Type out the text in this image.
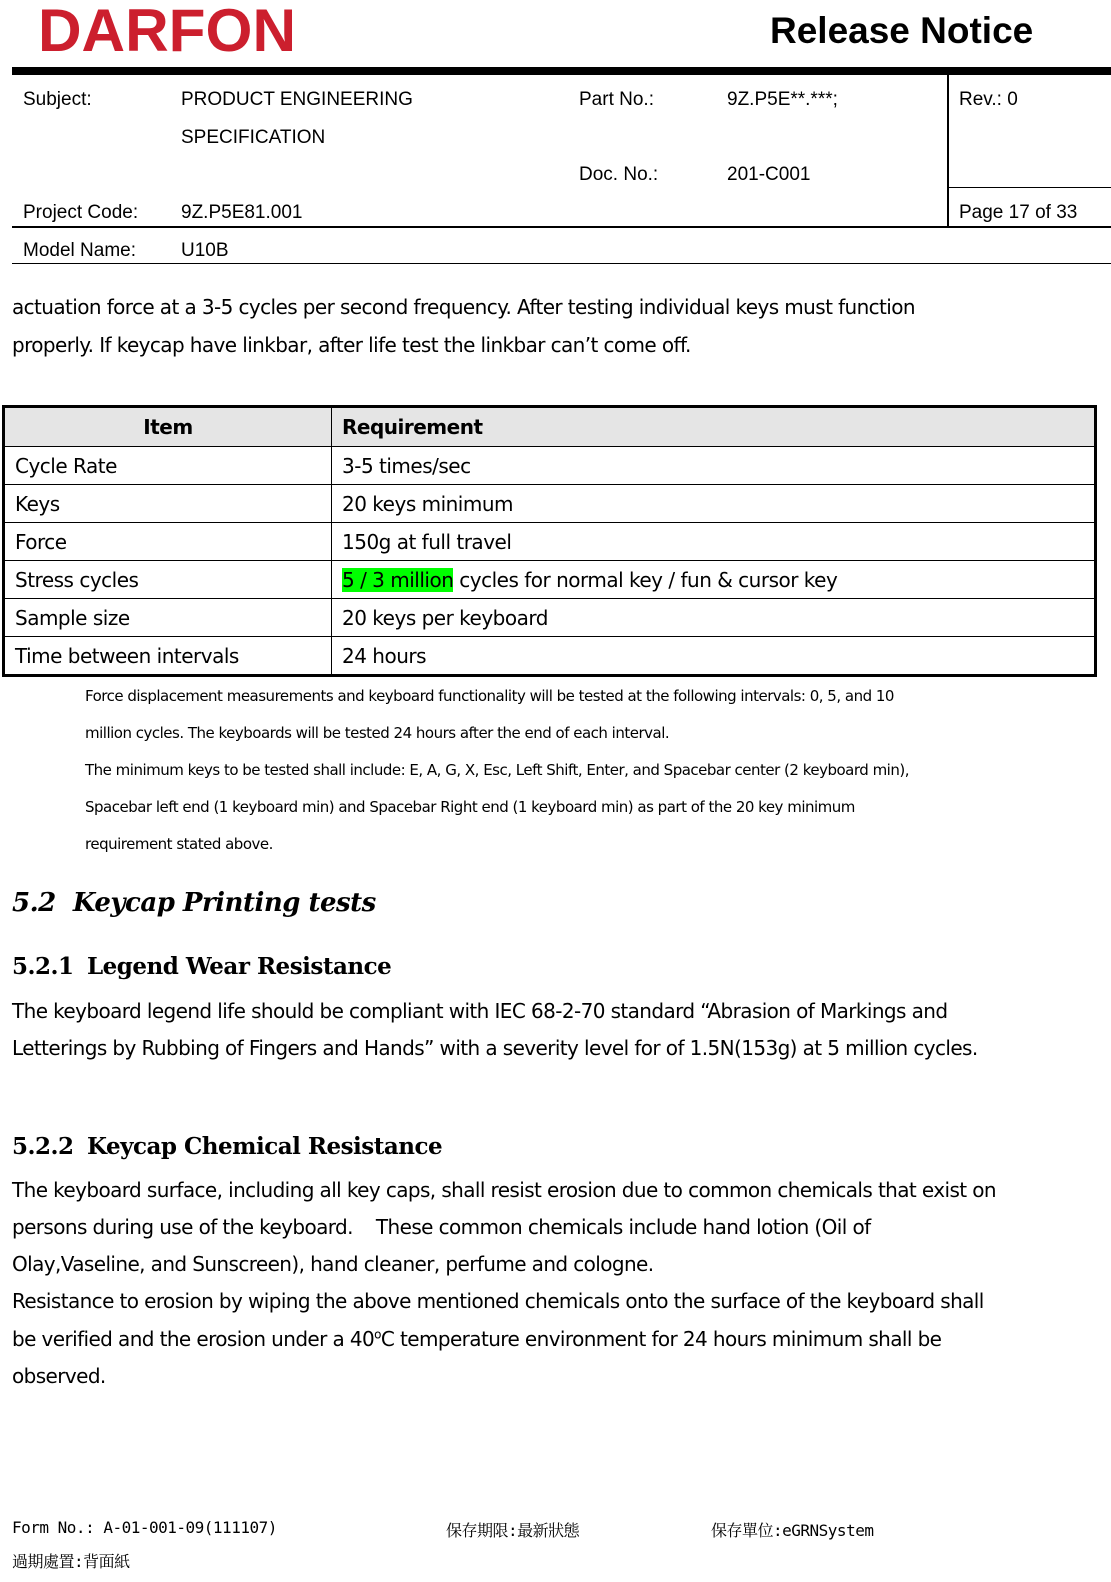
DARFON	Release Notice
Subject:	PRODUCT ENGINEERING
SPECIFICATION
Part No.:	9Z.P5E**.***;
Doc. No.:	201-C001
Rev.: 0
Project Code: 9Z.P5E81.001	Page 17 of 33
Model Name: U10B
actuation force at a 3-5 cycles per second frequency. After testing individual keys must function
properly. If keycap have linkbar, after life test the linkbar can’t come off.
Item	Requirement
Cycle Rate	3-5 times/sec
Keys	20 keys minimum
Force	150g at full travel
Stress cycles	5 / 3 million cycles for normal key / fun & cursor key
Sample size	20 keys per keyboard
Time between intervals	24 hours
Force displacement measurements and keyboard functionality will be tested at the following intervals: 0, 5, and 10
million cycles. The keyboards will be tested 24 hours after the end of each interval.
The minimum keys to be tested shall include: E, A, G, X, Esc, Left Shift, Enter, and Spacebar center (2 keyboard min),
Spacebar left end (1 keyboard min) and Spacebar Right end (1 keyboard min) as part of the 20 key minimum
requirement stated above.
5.2 Keycap Printing tests
5.2.1 Legend Wear Resistance
The keyboard legend life should be compliant with IEC 68-2-70 standard “Abrasion of Markings and
Letterings by Rubbing of Fingers and Hands” with a severity level for of 1.5N(153g) at 5 million cycles.
5.2.2 Keycap Chemical Resistance
The keyboard surface, including all key caps, shall resist erosion due to common chemicals that exist on
persons during use of the keyboard.    These common chemicals include hand lotion (Oil of
Olay,Vaseline, and Sunscreen), hand cleaner, perfume and cologne.
Resistance to erosion by wiping the above mentioned chemicals onto the surface of the keyboard shall
be verified and the erosion under a 40$^o$C temperature environment for 24 hours minimum shall be
observed.
Form No.: A-01-001-09(111107)	保存期限:最新狀態	保存單位:eGRNSystem
過期處置:背面紙
